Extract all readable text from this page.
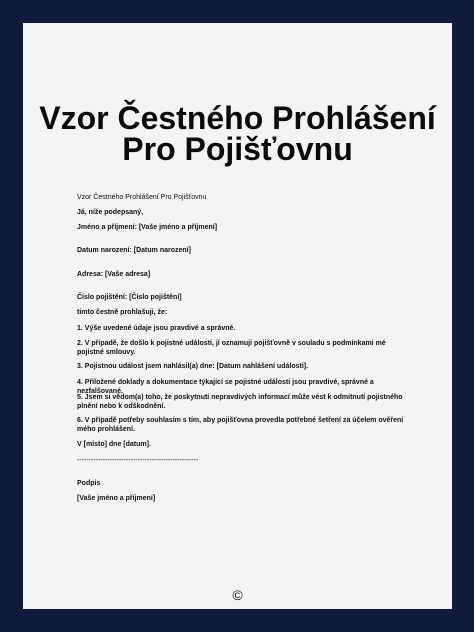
Vzor Čestného Prohlášení
Pro Pojišťovnu

Vzor Čestného Prohlášení Pro Pojišťovnu

Já, níže podepsaný,

Jméno a příjmení: [Vaše jméno a příjmení]

Datum narození: [Datum narození]

Adresa: [Vaše adresa]

Číslo pojištění: [Číslo pojištění]

timto čestně prohlašuji, že:

1. Výše uvedené údaje jsou pravdivé a správné.

2. V případě, že došlo k pojistné události, jí oznamuji pojišťovně v souladu s podmínkami mé pojistné smlouvy.

3. Pojistnou událost jsem nahlásil(a) dne: [Datum nahlášení události].

4. Přiložené doklady a dokumentace týkající se pojistné události jsou pravdivé, správné a nezfalšované.

5. Jsem si vědom(a) toho, že poskytnutí nepravdivých informací může vést k odmítnutí pojistného plnění nebo k odškodnění.

6. V případě potřeby souhlasím s tím, aby pojišťovna provedla potřebné šetření za účelem ověření mého prohlášení.

V [místo] dne [datum].

----------------------------------------------------

Podpis

[Vaše jméno a příjmení]

©
